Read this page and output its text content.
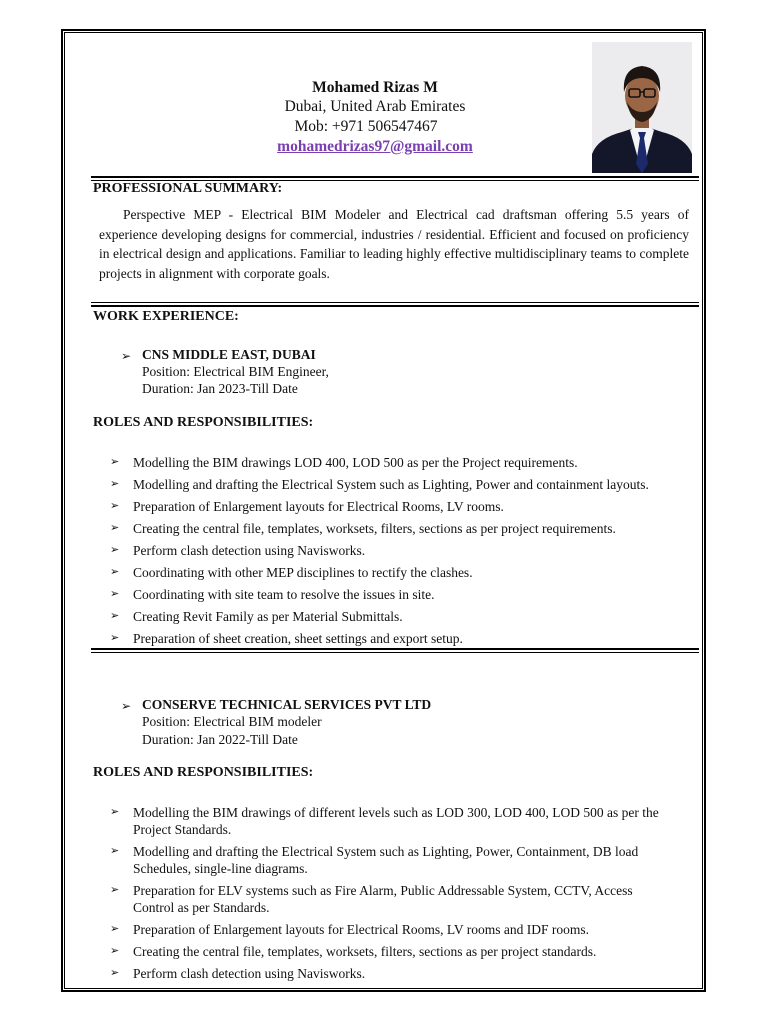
Mohamed Rizas M
Dubai, United Arab Emirates
Mob: +971 506547467
mohamedrizas97@gmail.com
PROFESSIONAL SUMMARY:
Perspective MEP - Electrical BIM Modeler and Electrical cad draftsman offering 5.5 years of experience developing designs for commercial, industries / residential. Efficient and focused on proficiency in electrical design and applications. Familiar to leading highly effective multidisciplinary teams to complete projects in alignment with corporate goals.
WORK EXPERIENCE:
➢ CNS MIDDLE EAST, DUBAI
Position: Electrical BIM Engineer,
Duration: Jan 2023-Till Date
ROLES AND RESPONSIBILITIES:
➢ Modelling the BIM drawings LOD 400, LOD 500 as per the Project requirements.
➢ Modelling and drafting the Electrical System such as Lighting, Power and containment layouts.
➢ Preparation of Enlargement layouts for Electrical Rooms, LV rooms.
➢ Creating the central file, templates, worksets, filters, sections as per project requirements.
➢ Perform clash detection using Navisworks.
➢ Coordinating with other MEP disciplines to rectify the clashes.
➢ Coordinating with site team to resolve the issues in site.
➢ Creating Revit Family as per Material Submittals.
➢ Preparation of sheet creation, sheet settings and export setup.
➢ CONSERVE TECHNICAL SERVICES PVT LTD
Position: Electrical BIM modeler
Duration: Jan 2022-Till Date
ROLES AND RESPONSIBILITIES:
➢ Modelling the BIM drawings of different levels such as LOD 300, LOD 400, LOD 500 as per the Project Standards.
➢ Modelling and drafting the Electrical System such as Lighting, Power, Containment, DB load Schedules, single-line diagrams.
➢ Preparation for ELV systems such as Fire Alarm, Public Addressable System, CCTV, Access Control as per Standards.
➢ Preparation of Enlargement layouts for Electrical Rooms, LV rooms and IDF rooms.
➢ Creating the central file, templates, worksets, filters, sections as per project standards.
➢ Perform clash detection using Navisworks.
